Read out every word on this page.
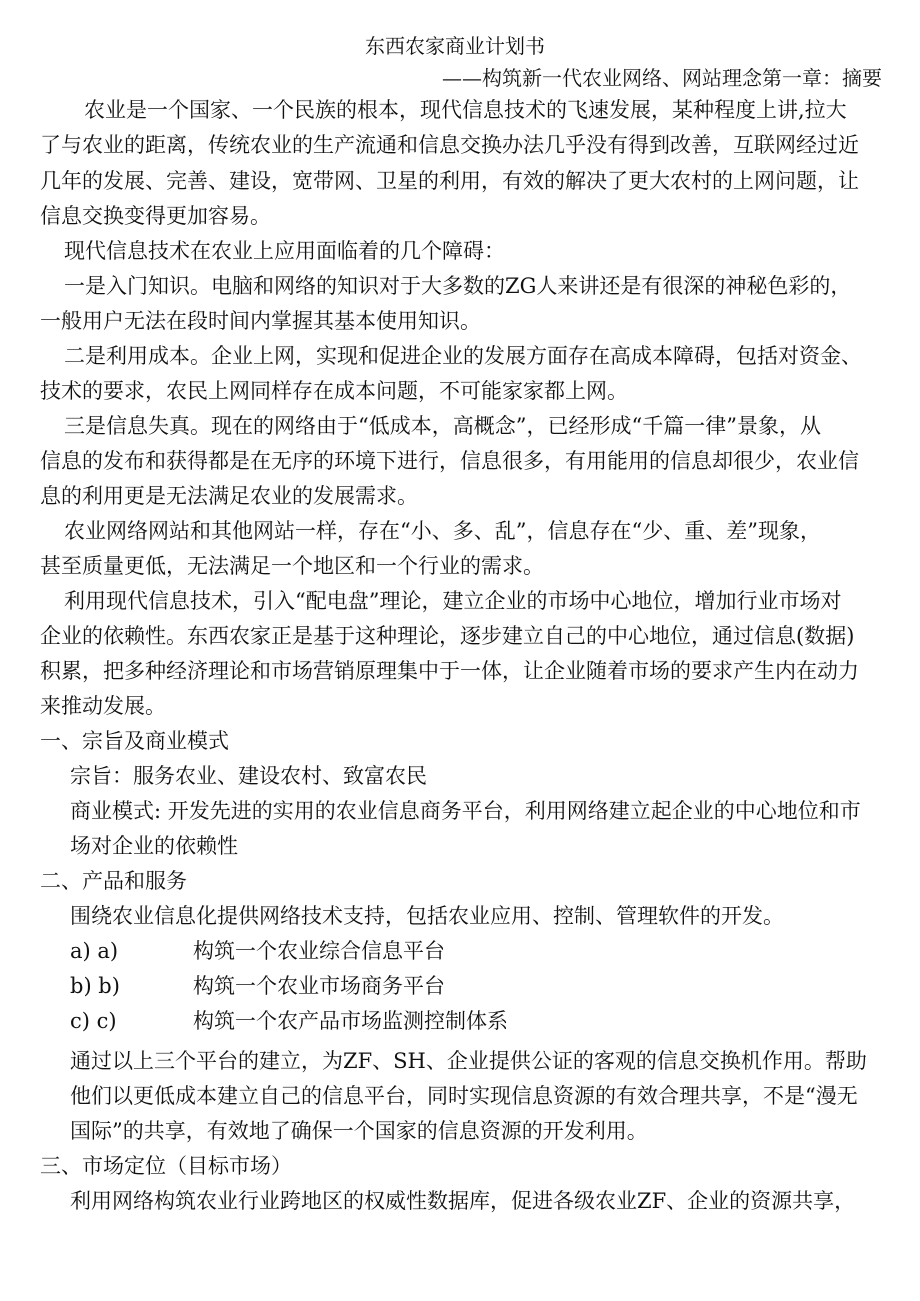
东西农家商业计划书
——构筑新一代农业网络、网站理念第一章：摘要
农业是一个国家、一个民族的根本，现代信息技术的飞速发展，某种程度上讲,拉大
了与农业的距离，传统农业的生产流通和信息交换办法几乎没有得到改善，互联网经过近
几年的发展、完善、建设，宽带网、卫星的利用，有效的解决了更大农村的上网问题，让
信息交换变得更加容易。
现代信息技术在农业上应用面临着的几个障碍：
一是入门知识。电脑和网络的知识对于大多数的ZG人来讲还是有很深的神秘色彩的，
一般用户无法在段时间内掌握其基本使用知识。
二是利用成本。企业上网，实现和促进企业的发展方面存在高成本障碍，包括对资金、
技术的要求，农民上网同样存在成本问题，不可能家家都上网。
三是信息失真。现在的网络由于“低成本，高概念”，已经形成“千篇一律”景象，从
信息的发布和获得都是在无序的环境下进行，信息很多，有用能用的信息却很少，农业信
息的利用更是无法满足农业的发展需求。
农业网络网站和其他网站一样，存在“小、多、乱”，信息存在“少、重、差”现象，
甚至质量更低，无法满足一个地区和一个行业的需求。
利用现代信息技术，引入“配电盘”理论，建立企业的市场中心地位，增加行业市场对
企业的依赖性。东西农家正是基于这种理论，逐步建立自己的中心地位，通过信息(数据)
积累，把多种经济理论和市场营销原理集中于一体，让企业随着市场的要求产生内在动力
来推动发展。
一、宗旨及商业模式
宗旨：服务农业、建设农村、致富农民
商业模式: 开发先进的实用的农业信息商务平台，利用网络建立起企业的中心地位和市
场对企业的依赖性
二、产品和服务
围绕农业信息化提供网络技术支持，包括农业应用、控制、管理软件的开发。
a) a)	构筑一个农业综合信息平台
b) b)	构筑一个农业市场商务平台
c) c)	构筑一个农产品市场监测控制体系
通过以上三个平台的建立，为ZF、SH、企业提供公证的客观的信息交换机作用。帮助
他们以更低成本建立自己的信息平台，同时实现信息资源的有效合理共享，不是“漫无
国际”的共享，有效地了确保一个国家的信息资源的开发利用。
三、市场定位（目标市场）
利用网络构筑农业行业跨地区的权威性数据库，促进各级农业ZF、企业的资源共享，
